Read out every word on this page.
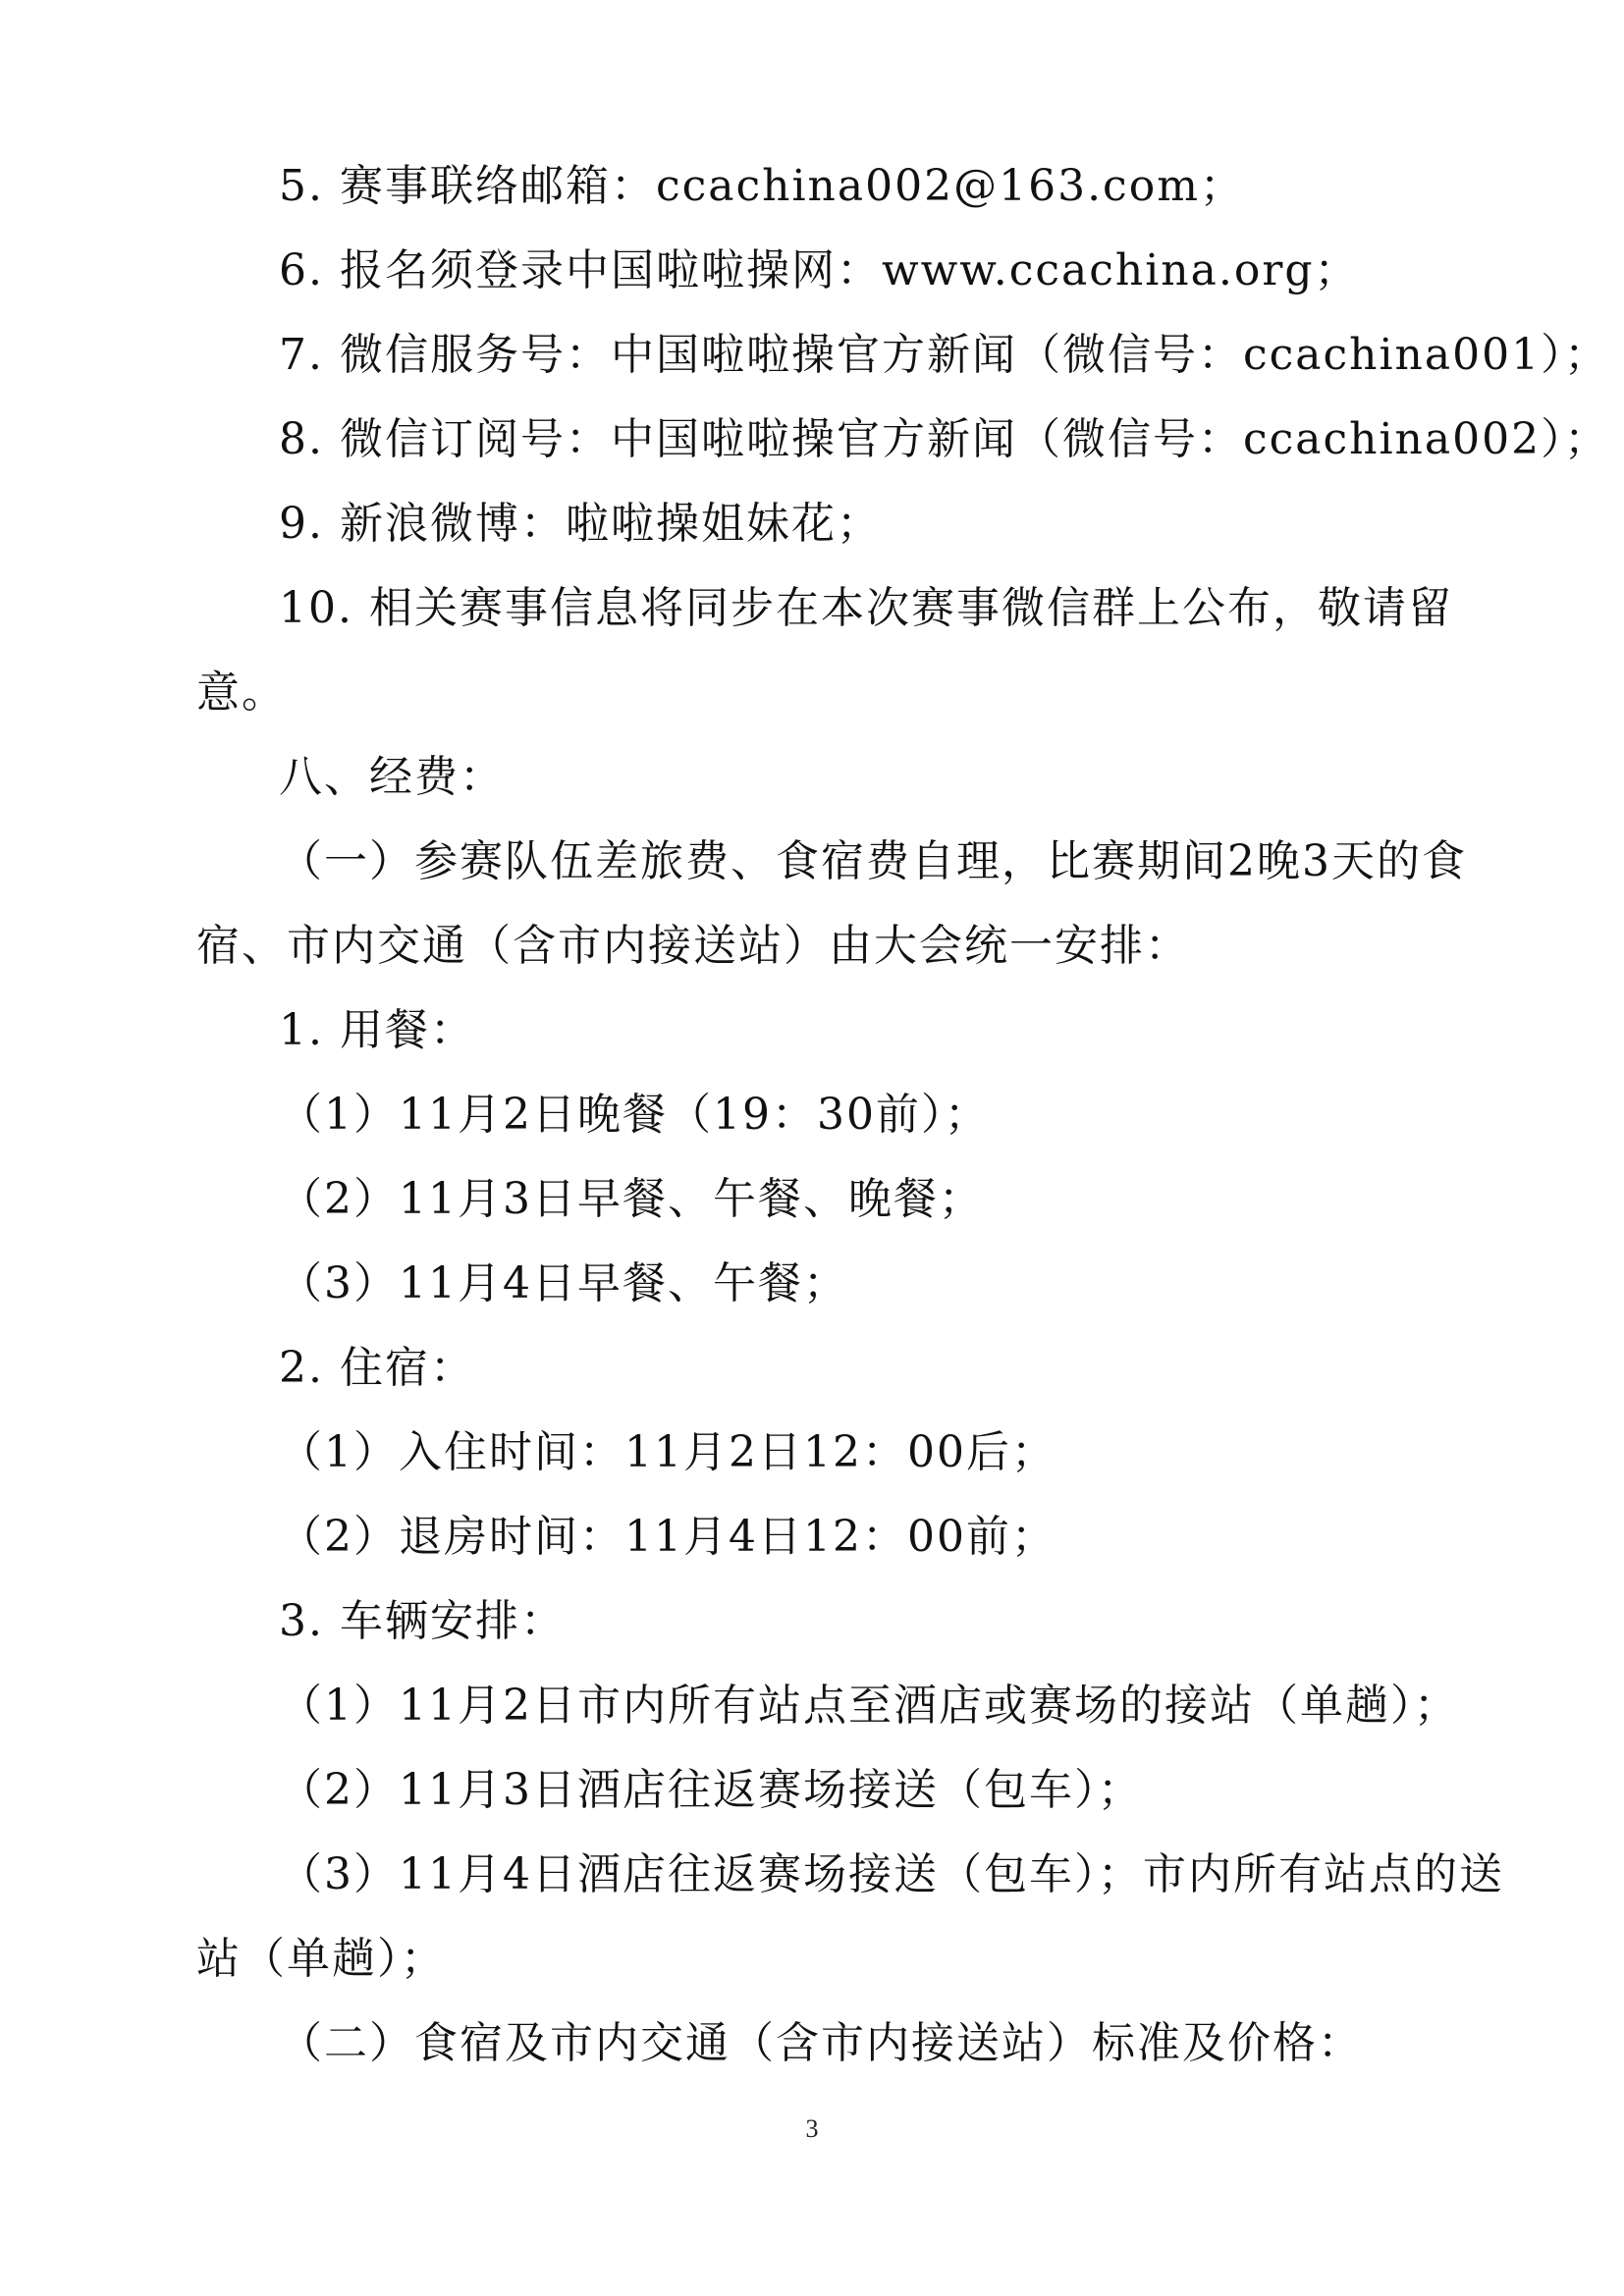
5. 赛事联络邮箱：ccachina002@163.com；
6. 报名须登录中国啦啦操网：www.ccachina.org；
7. 微信服务号：中国啦啦操官方新闻（微信号：ccachina001）；
8. 微信订阅号：中国啦啦操官方新闻（微信号：ccachina002）；
9. 新浪微博：啦啦操姐妹花；
10. 相关赛事信息将同步在本次赛事微信群上公布，敬请留
意。
八、经费：
（一）参赛队伍差旅费、食宿费自理，比赛期间2晚3天的食
宿、市内交通（含市内接送站）由大会统一安排：
1. 用餐：
（1）11月2日晚餐（19：30前）；
（2）11月3日早餐、午餐、晚餐；
（3）11月4日早餐、午餐；
2. 住宿：
（1）入住时间：11月2日12：00后；
（2）退房时间：11月4日12：00前；
3. 车辆安排：
（1）11月2日市内所有站点至酒店或赛场的接站（单趟）；
（2）11月3日酒店往返赛场接送（包车）；
（3）11月4日酒店往返赛场接送（包车）；市内所有站点的送
站（单趟）；
（二）食宿及市内交通（含市内接送站）标准及价格：
3
